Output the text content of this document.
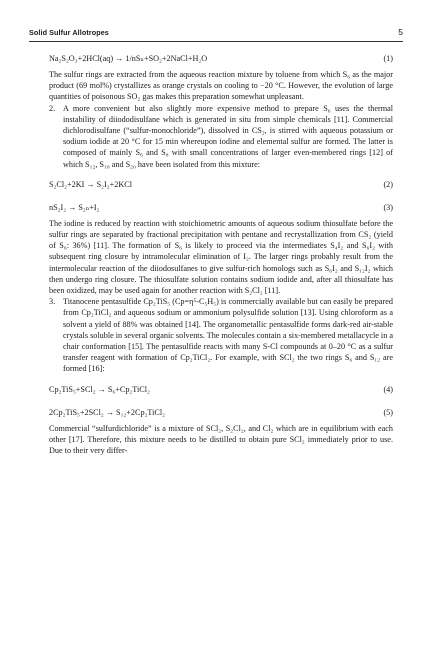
Solid Sulfur Allotropes	5
Na₂S₂O₃+2HCl(aq) → 1/nSₙ+SO₂+2NaCl+H₂O	(1)

The sulfur rings are extracted from the aqueous reaction mixture by toluene from which S₆ as the major product (69 mol%) crystallizes as orange crystals on cooling to −20 °C. However, the evolution of large quantities of poisonous SO₂ gas makes this preparation somewhat unpleasant.

2. A more convenient but also slightly more expensive method to prepare S₆ uses the thermal instability of diiododisulfane which is generated in situ from simple chemicals [11]. Commercial dichlorodisulfane (“sulfur-monochloride”), dissolved in CS₂, is stirred with aqueous potassium or sodium iodide at 20 °C for 15 min whereupon iodine and elemental sulfur are formed. The latter is composed of mainly S₆ and S₈ with small concentrations of larger even-membered rings [12] of which S₁₂, S₁₈ and S₂₀ have been isolated from this mixture:

S₂Cl₂+2KI → S₂I₂+2KCl	(2)
nS₂I₂ → S₂ₙ+I₂	(3)

The iodine is reduced by reaction with stoichiometric amounts of aqueous sodium thiosulfate before the sulfur rings are separated by fractional precipitation with pentane and recrystallization from CS₂ (yield of S₆: 36%) [11]. The formation of S₆ is likely to proceed via the intermediates S₄I₂ and S₆I₂ with subsequent ring closure by intramolecular elimination of I₂. The larger rings probably result from the intermolecular reaction of the diiodosulfanes to give sulfur-rich homologs such as S₆I₂ and S₁₂I₂ which then undergo ring closure. The thiosulfate solution contains sodium iodide and, after all thiosulfate has been oxidized, may be used again for another reaction with S₂Cl₂ [11].

3. Titanocene pentasulfide Cp₂TiS₅ (Cp=η⁵-C₅H₅) is commercially available but can easily be prepared from Cp₂TiCl₂ and aqueous sodium or ammonium polysulfide solution [13]. Using chloroform as a solvent a yield of 88% was obtained [14]. The organometallic pentasulfide forms dark-red air-stable crystals soluble in several organic solvents. The molecules contain a six-membered metallacycle in a chair conformation [15]. The pentasulfide reacts with many S-Cl compounds at 0–20 °C as a sulfur transfer reagent with formation of Cp₂TiCl₂. For example, with SCl₂ the two rings S₆ and S₁₂ are formed [16]:

Cp₂TiS₅+SCl₂ → S₆+Cp₂TiCl₂	(4)
2Cp₂TiS₅+2SCl₂ → S₁₂+2Cp₂TiCl₂	(5)

Commercial “sulfurdichloride” is a mixture of SCl₂, S₂Cl₂, and Cl₂ which are in equilibrium with each other [17]. Therefore, this mixture needs to be distilled to obtain pure SCl₂ immediately prior to use. Due to their very differ-
